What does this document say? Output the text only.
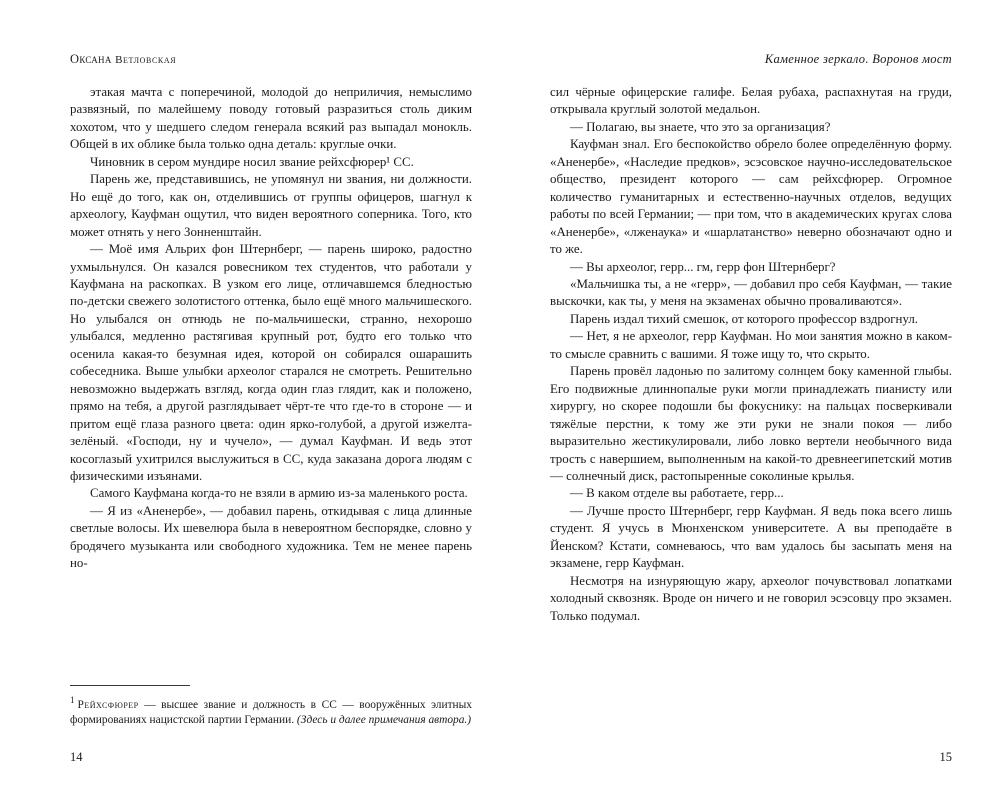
Оксана Ветловская

этакая мачта с поперечиной, молодой до неприличия, немыслимо развязный, по малейшему поводу готовый разразиться столь диким хохотом, что у шедшего следом генерала всякий раз выпадал монокль. Общей в их облике была только одна деталь: круглые очки.

Чиновник в сером мундире носил звание рейхсфюрер¹ СС.

Парень же, представившись, не упомянул ни звания, ни должности. Но ещё до того, как он, отделившись от группы офицеров, шагнул к археологу, Кауфман ощутил, что виден вероятного соперника. Того, кто может отнять у него Зонненштайн.

— Моё имя Альрих фон Штернберг, — парень широко, радостно ухмыльнулся. Он казался ровесником тех студентов, что работали у Кауфмана на раскопках. В узком его лице, отличавшемся бледностью по-детски свежего золотистого оттенка, было ещё много мальчишеского. Но улыбался он отнюдь не по-мальчишески, странно, нехорошо улыбался, медленно растягивая крупный рот, будто его только что осенила какая-то безумная идея, которой он собирался ошарашить собеседника. Выше улыбки археолог старался не смотреть. Решительно невозможно выдержать взгляд, когда один глаз глядит, как и положено, прямо на тебя, а другой разглядывает чёрт-те что где-то в стороне — и притом ещё глаза разного цвета: один ярко-голубой, а другой изжелта-зелёный. «Господи, ну и чучело», — думал Кауфман. И ведь этот косоглазый ухитрился выслужиться в СС, куда заказана дорога людям с физическими изъянами.

Самого Кауфмана когда-то не взяли в армию из-за маленького роста.

— Я из «Аненербе», — добавил парень, откидывая с лица длинные светлые волосы. Их шевелюра была в невероятном беспорядке, словно у бродячего музыканта или свободного художника. Тем не менее парень но-

$^1$ Рейхсфюрер — высшее звание и должность в СС — вооружённых элитных формированиях нацистской партии Германии. (Здесь и далее примечания автора.)
14
Каменное зеркало. Воронов мост

сил чёрные офицерские галифе. Белая рубаха, распахнутая на груди, открывала круглый золотой медальон.

— Полагаю, вы знаете, что это за организация?

Кауфман знал. Его беспокойство обрело более определённую форму. «Аненербе», «Наследие предков», эсэсовское научно-исследовательское общество, президент которого — сам рейхсфюрер. Огромное количество гуманитарных и естественно-научных отделов, ведущих работы по всей Германии; — при том, что в академических кругах слова «Аненербе», «лженаука» и «шарлатанство» неверно обозначают одно и то же.

— Вы археолог, герр... гм, герр фон Штернберг?

«Мальчишка ты, а не «герр», — добавил про себя Кауфман, — такие выскочки, как ты, у меня на экзаменах обычно проваливаются».

Парень издал тихий смешок, от которого профессор вздрогнул.

— Нет, я не археолог, герр Кауфман. Но мои занятия можно в каком-то смысле сравнить с вашими. Я тоже ищу то, что скрыто.

Парень провёл ладонью по залитому солнцем боку каменной глыбы. Его подвижные длиннопалые руки могли принадлежать пианисту или хирургу, но скорее подошли бы фокуснику: на пальцах посверкивали тяжёлые перстни, к тому же эти руки не знали покоя — либо выразительно жестикулировали, либо ловко вертели необычного вида трость с навершием, выполненным на какой-то древнеегипетский мотив — солнечный диск, растопыренные соколиные крылья.

— В каком отделе вы работаете, герр...

— Лучше просто Штернберг, герр Кауфман. Я ведь пока всего лишь студент. Я учусь в Мюнхенском университете. А вы преподаёте в Йенском? Кстати, сомневаюсь, что вам удалось бы засыпать меня на экзамене, герр Кауфман.

Несмотря на изнуряющую жару, археолог почувствовал лопатками холодный сквозняк. Вроде он ничего и не говорил эсэсовцу про экзамен. Только подумал.

15
